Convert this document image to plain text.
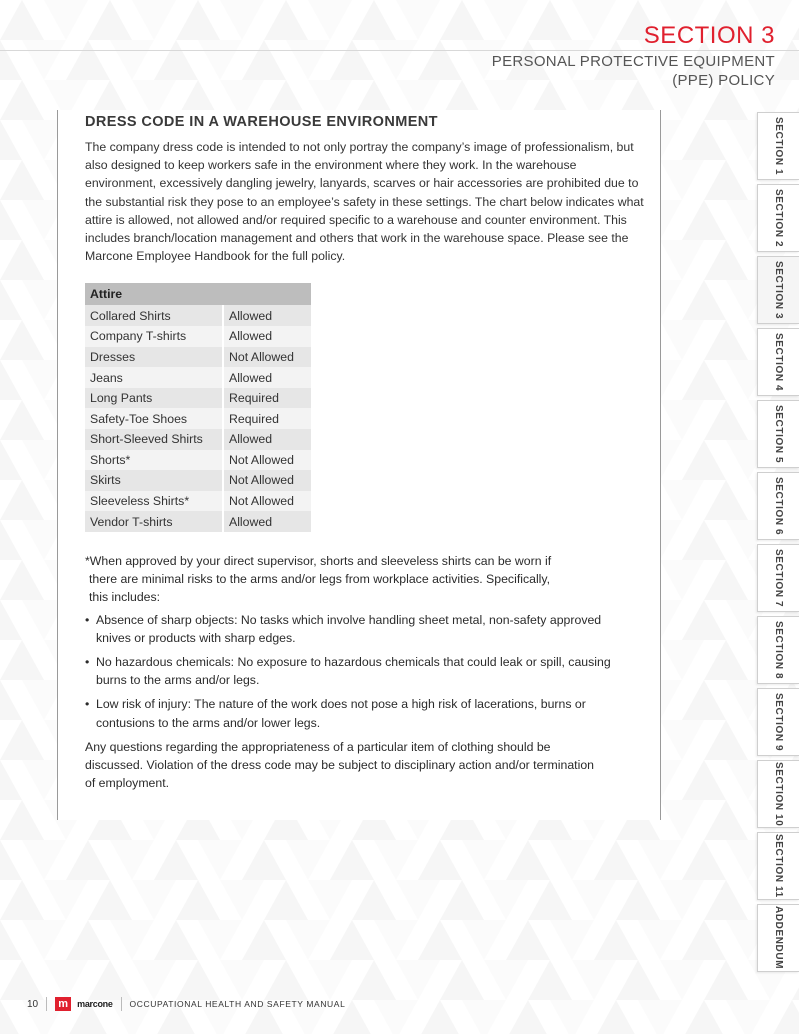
SECTION 3
PERSONAL PROTECTIVE EQUIPMENT
(PPE) POLICY
DRESS CODE IN A WAREHOUSE ENVIRONMENT

The company dress code is intended to not only portray the company’s image of professionalism, but also designed to keep workers safe in the environment where they work. In the warehouse environment, excessively dangling jewelry, lanyards, scarves or hair accessories are prohibited due to the substantial risk they pose to an employee’s safety in these settings. The chart below indicates what attire is allowed, not allowed and/or required specific to a warehouse and counter environment. This includes branch/location management and others that work in the warehouse space. Please see the Marcone Employee Handbook for the full policy.

Attire	
Collared Shirts	Allowed
Company T-shirts	Allowed
Dresses	Not Allowed
Jeans	Allowed
Long Pants	Required
Safety-Toe Shoes	Required
Short-Sleeved Shirts	Allowed
Shorts*	Not Allowed
Skirts	Not Allowed
Sleeveless Shirts*	Not Allowed
Vendor T-shirts	Allowed
*When approved by your direct supervisor, shorts and sleeveless shirts can be worn if
there are minimal risks to the arms and/or legs from workplace activities. Specifically,
this includes:
• Absence of sharp objects: No tasks which involve handling sheet metal, non-safety approved knives or products with sharp edges.
• No hazardous chemicals: No exposure to hazardous chemicals that could leak or spill, causing burns to the arms and/or legs.
• Low risk of injury: The nature of the work does not pose a high risk of lacerations, burns or contusions to the arms and/or lower legs.

Any questions regarding the appropriateness of a particular item of clothing should be discussed. Violation of the dress code may be subject to disciplinary action and/or termination of employment.

SECTION 1
SECTION 2
SECTION 3
SECTION 4
SECTION 5
SECTION 6
SECTION 7
SECTION 8
SECTION 9
SECTION 10
SECTION 11
ADDENDUM
10 m	marcone OCCUPATIONAL HEALTH AND SAFETY MANUAL
